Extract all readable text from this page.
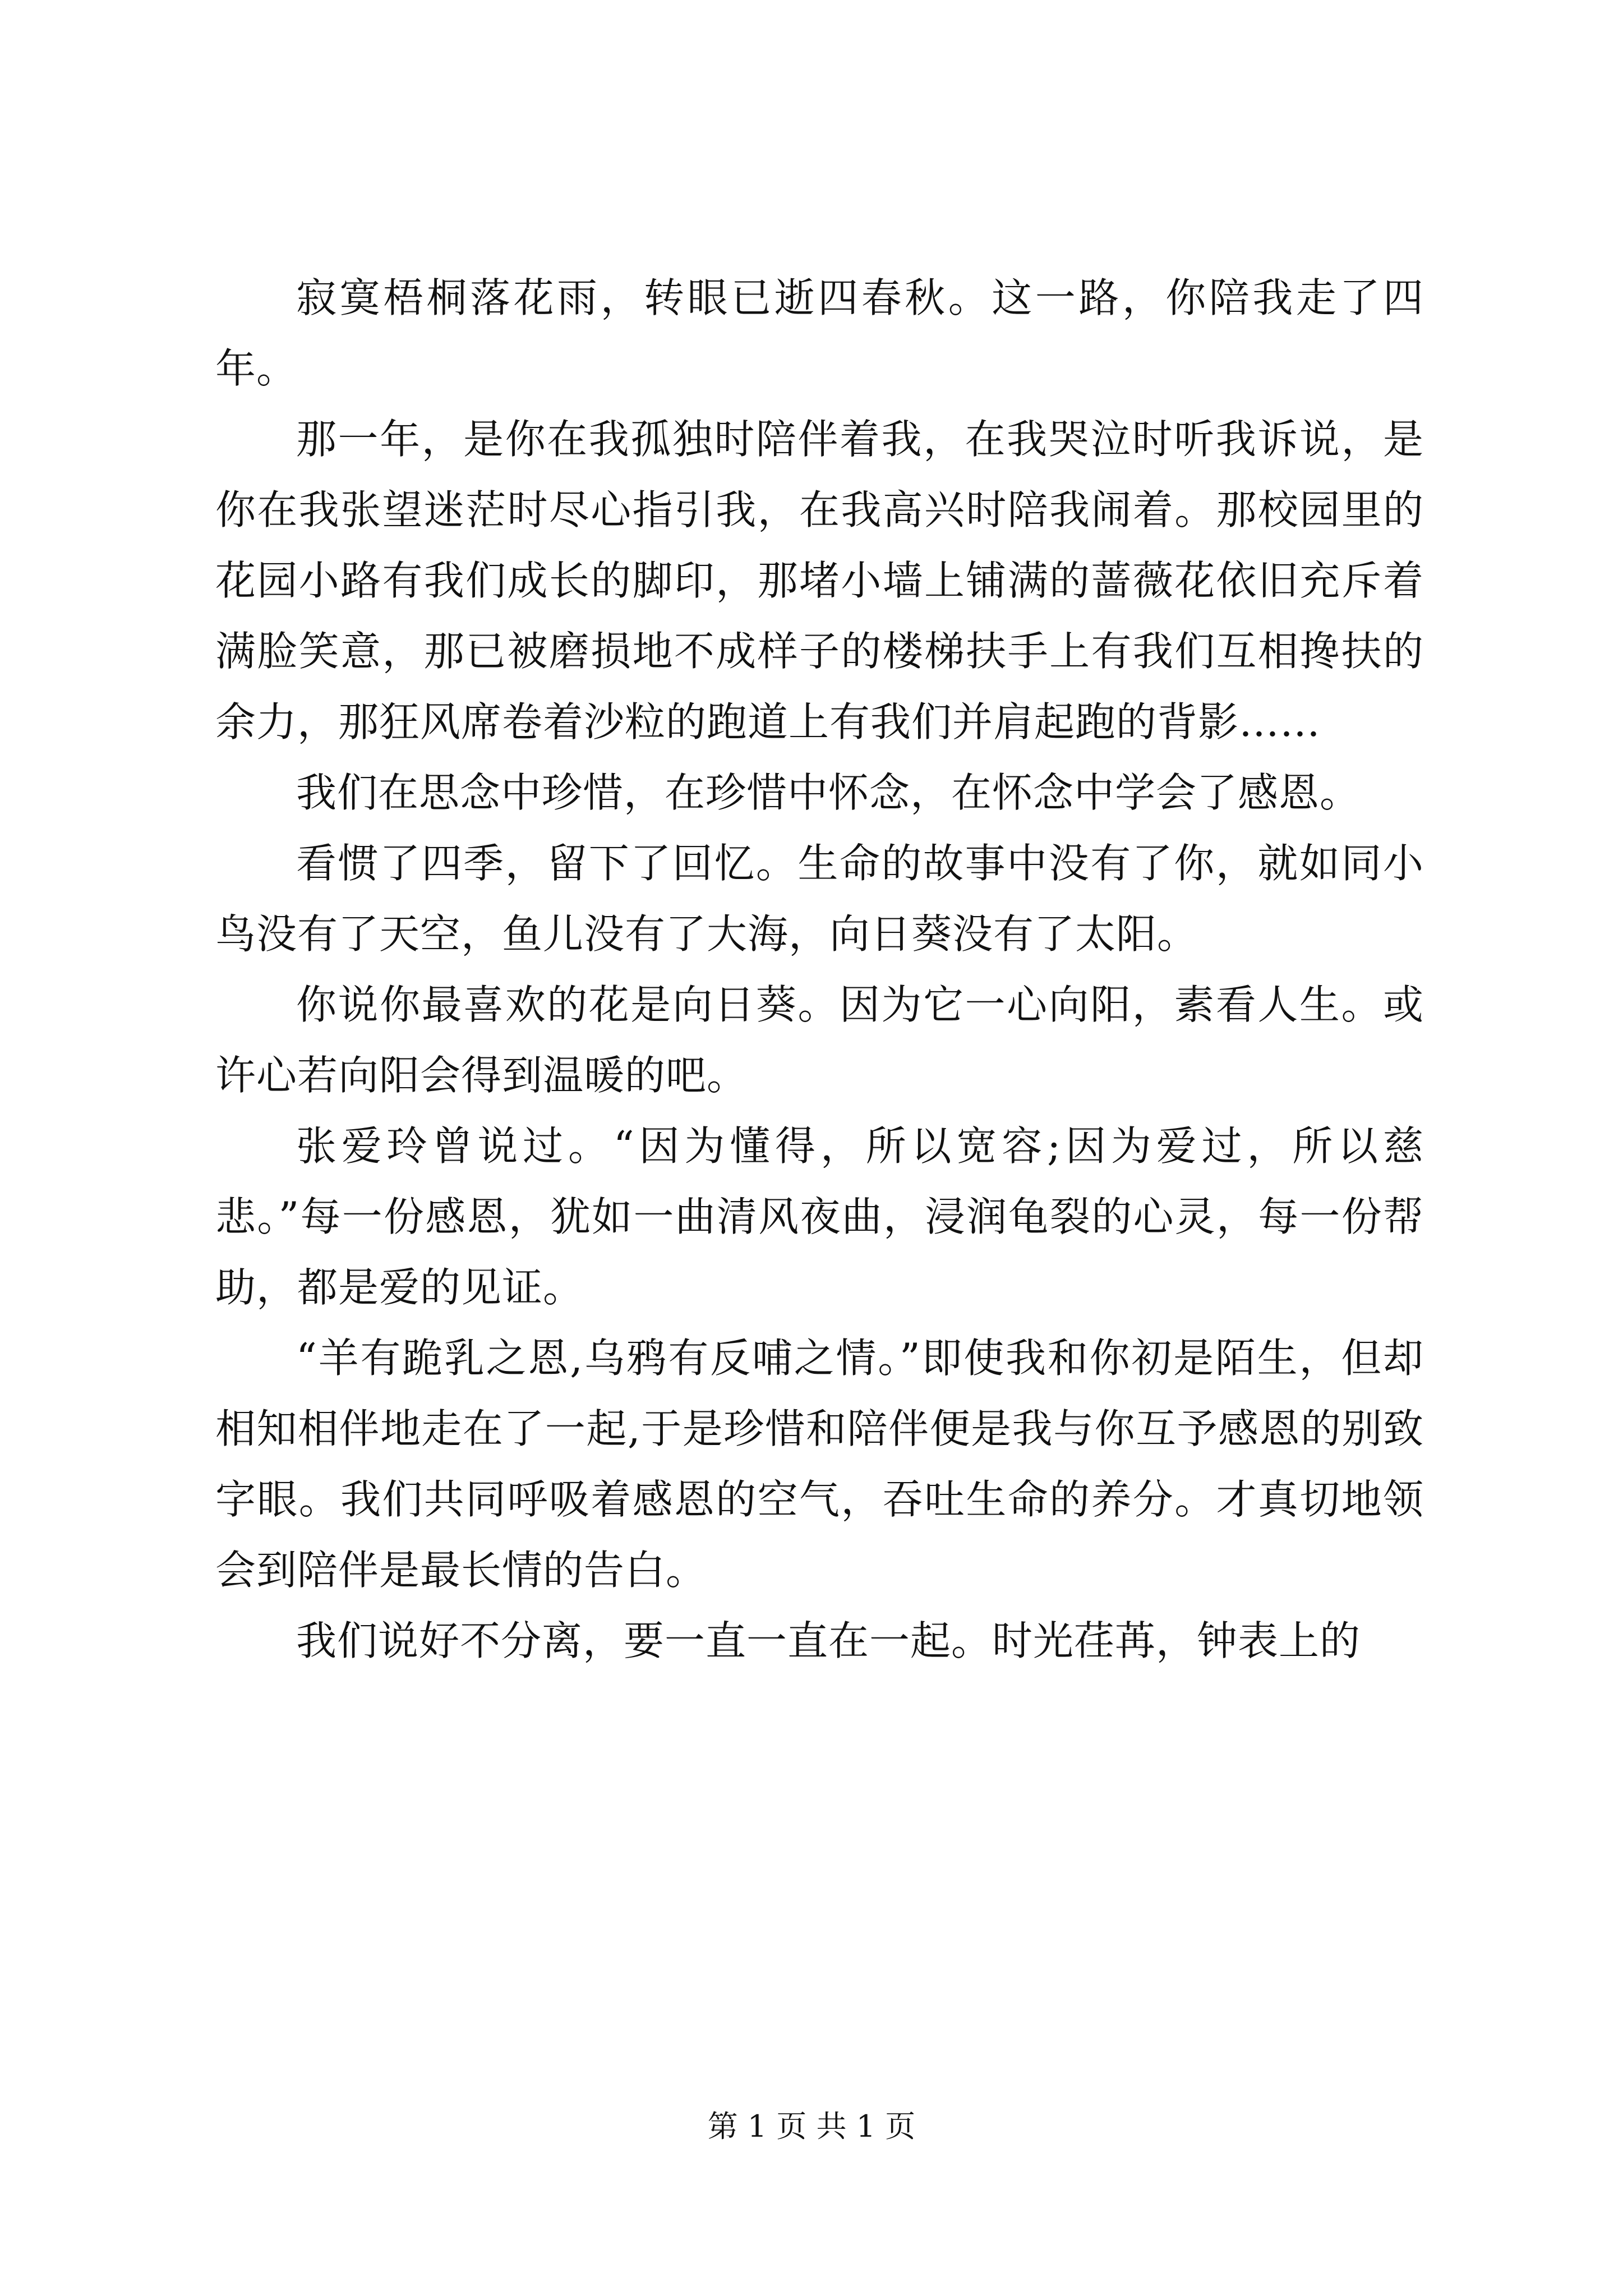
寂寞梧桐落花雨，转眼已逝四春秋。这一路，你陪我走了四年。

那一年，是你在我孤独时陪伴着我，在我哭泣时听我诉说，是你在我张望迷茫时尽心指引我，在我高兴时陪我闹着。那校园里的花园小路有我们成长的脚印，那堵小墙上铺满的蔷薇花依旧充斥着满脸笑意，那已被磨损地不成样子的楼梯扶手上有我们互相搀扶的余力，那狂风席卷着沙粒的跑道上有我们并肩起跑的背影……

我们在思念中珍惜，在珍惜中怀念，在怀念中学会了感恩。

看惯了四季，留下了回忆。生命的故事中没有了你，就如同小鸟没有了天空，鱼儿没有了大海，向日葵没有了太阳。

你说你最喜欢的花是向日葵。因为它一心向阳，素看人生。或许心若向阳会得到温暖的吧。

张爱玲曾说过。“因为懂得，所以宽容;因为爱过，所以慈悲。”每一份感恩，犹如一曲清风夜曲，浸润龟裂的心灵，每一份帮助，都是爱的见证。

“羊有跪乳之恩,乌鸦有反哺之情。”即使我和你初是陌生，但却相知相伴地走在了一起,于是珍惜和陪伴便是我与你互予感恩的别致字眼。我们共同呼吸着感恩的空气，吞吐生命的养分。才真切地领会到陪伴是最长情的告白。

我们说好不分离，要一直一直在一起。时光荏苒，钟表上的

第 1 页 共 1 页
